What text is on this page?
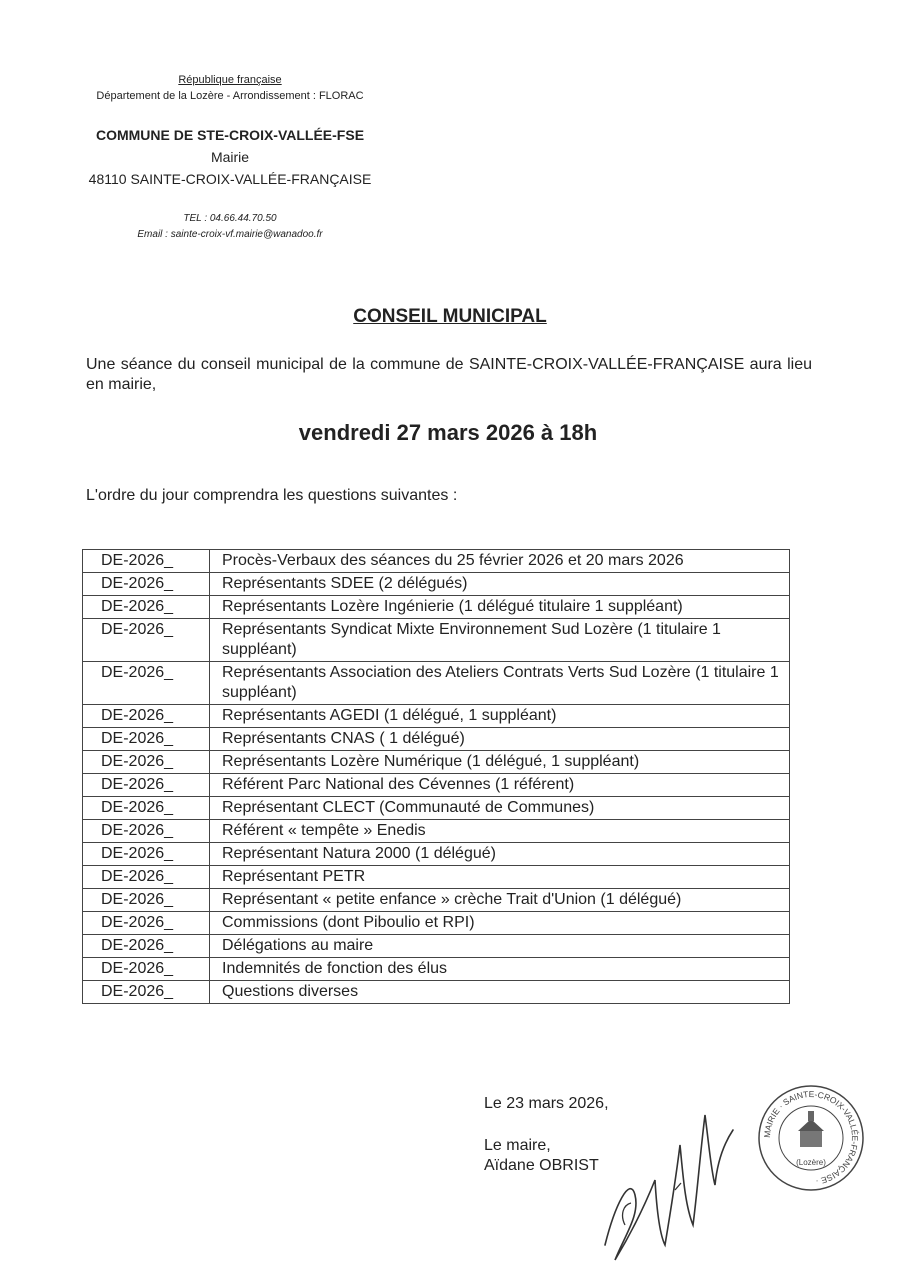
République française
Département de la Lozère - Arrondissement : FLORAC
COMMUNE DE STE-CROIX-VALLÉE-FSE
Mairie
48110 SAINTE-CROIX-VALLÉE-FRANÇAISE
TEL : 04.66.44.70.50
Email : sainte-croix-vf.mairie@wanadoo.fr
CONSEIL MUNICIPAL
Une séance du conseil municipal de la commune de SAINTE-CROIX-VALLÉE-FRANÇAISE aura lieu en mairie,
vendredi 27 mars 2026 à 18h
L'ordre du jour comprendra les questions suivantes :
DE-2026_	Procès-Verbaux des séances du 25 février 2026 et 20 mars 2026
DE-2026_	Représentants SDEE (2 délégués)
DE-2026_	Représentants Lozère Ingénierie (1 délégué titulaire 1 suppléant)
DE-2026_	Représentants Syndicat Mixte Environnement Sud Lozère (1 titulaire 1 suppléant)
DE-2026_	Représentants Association des Ateliers Contrats Verts Sud Lozère (1 titulaire 1 suppléant)
DE-2026_	Représentants AGEDI (1 délégué, 1 suppléant)
DE-2026_	Représentants CNAS ( 1 délégué)
DE-2026_	Représentants Lozère Numérique (1 délégué, 1 suppléant)
DE-2026_	Référent Parc National des Cévennes (1 référent)
DE-2026_	Représentant CLECT (Communauté de Communes)
DE-2026_	Référent « tempête » Enedis
DE-2026_	Représentant Natura 2000 (1 délégué)
DE-2026_	Représentant PETR
DE-2026_	Représentant « petite enfance » crèche Trait d'Union (1 délégué)
DE-2026_	Commissions (dont Piboulio et RPI)
DE-2026_	Délégations au maire
DE-2026_	Indemnités de fonction des élus
DE-2026_	Questions diverses
Le 23 mars 2026,
Le maire,
Aïdane OBRIST
MAIRIE · SAINTE-CROIX-VALLÉE-FRANÇAISE ·
(Lozère)
